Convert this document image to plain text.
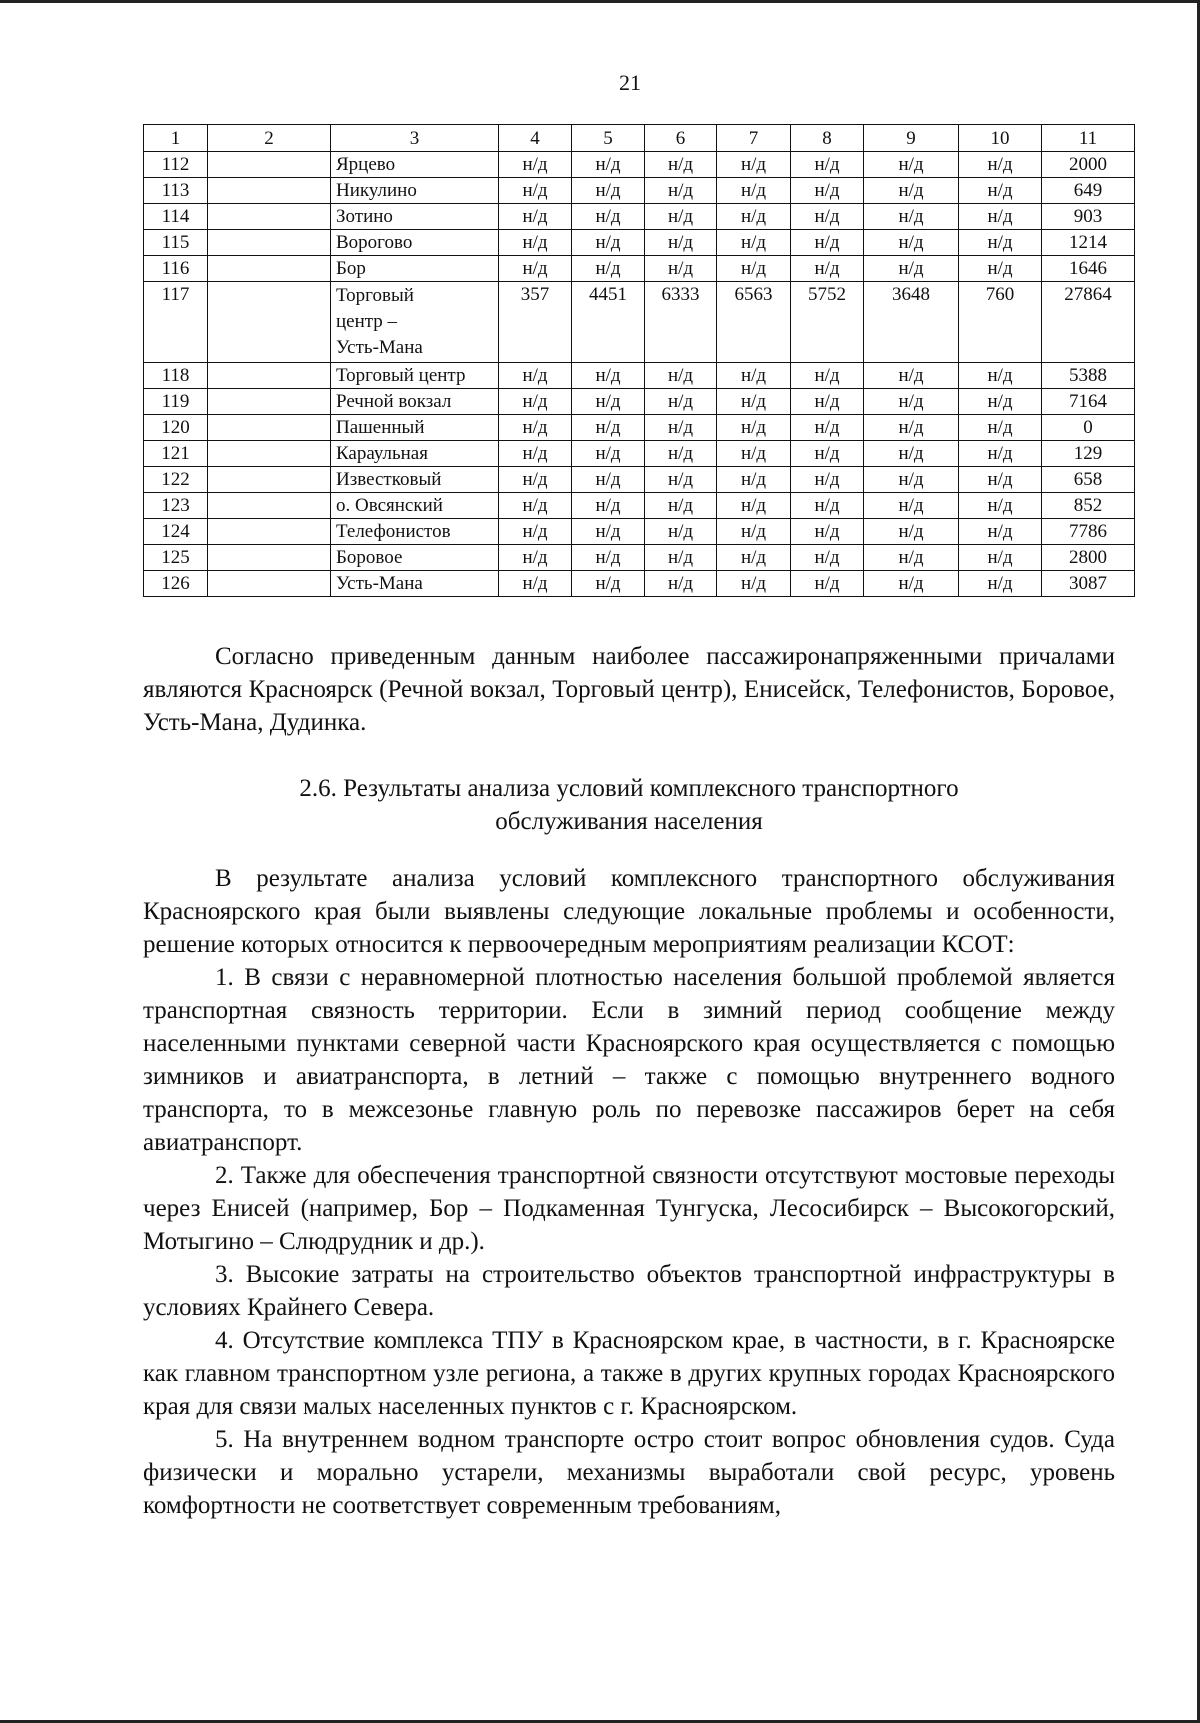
21
1	2	3	4	5	6	7	8	9	10	11
112		Ярцево	н/д	н/д	н/д	н/д	н/д	н/д	н/д	2000
113		Никулино	н/д	н/д	н/д	н/д	н/д	н/д	н/д	649
114		Зотино	н/д	н/д	н/д	н/д	н/д	н/д	н/д	903
115		Ворогово	н/д	н/д	н/д	н/д	н/д	н/д	н/д	1214
116		Бор	н/д	н/д	н/д	н/д	н/д	н/д	н/д	1646
117		Торговый
центр –
Усть-Мана	357	4451	6333	6563	5752	3648	760	27864
118		Торговый центр	н/д	н/д	н/д	н/д	н/д	н/д	н/д	5388
119		Речной вокзал	н/д	н/д	н/д	н/д	н/д	н/д	н/д	7164
120		Пашенный	н/д	н/д	н/д	н/д	н/д	н/д	н/д	0
121		Караульная	н/д	н/д	н/д	н/д	н/д	н/д	н/д	129
122		Известковый	н/д	н/д	н/д	н/д	н/д	н/д	н/д	658
123		о. Овсянский	н/д	н/д	н/д	н/д	н/д	н/д	н/д	852
124		Телефонистов	н/д	н/д	н/д	н/д	н/д	н/д	н/д	7786
125		Боровое	н/д	н/д	н/д	н/д	н/д	н/д	н/д	2800
126		Усть-Мана	н/д	н/д	н/д	н/д	н/д	н/д	н/д	3087

Согласно приведенным данным наиболее пассажиронапряженными причалами являются Красноярск (Речной вокзал, Торговый центр), Енисейск, Телефонистов, Боровое, Усть-Мана, Дудинка.

2.6. Результаты анализа условий комплексного транспортного
обслуживания населения

В результате анализа условий комплексного транспортного обслуживания Красноярского края были выявлены следующие локальные проблемы и особенности, решение которых относится к первоочередным мероприятиям реализации КСОТ:

1. В связи с неравномерной плотностью населения большой проблемой является транспортная связность территории. Если в зимний период сообщение между населенными пунктами северной части Красноярского края осуществляется с помощью зимников и авиатранспорта, в летний – также с помощью внутреннего водного транспорта, то в межсезонье главную роль по перевозке пассажиров берет на себя авиатранспорт.

2. Также для обеспечения транспортной связности отсутствуют мостовые переходы через Енисей (например, Бор – Подкаменная Тунгуска, Лесосибирск – Высокогорский, Мотыгино – Слюдрудник и др.).

3. Высокие затраты на строительство объектов транспортной инфраструктуры в условиях Крайнего Севера.

4. Отсутствие комплекса ТПУ в Красноярском крае, в частности, в г. Красноярске как главном транспортном узле региона, а также в других крупных городах Красноярского края для связи малых населенных пунктов с г. Красноярском.

5. На внутреннем водном транспорте остро стоит вопрос обновления судов. Суда физически и морально устарели, механизмы выработали свой ресурс, уровень комфортности не соответствует современным требованиям,
